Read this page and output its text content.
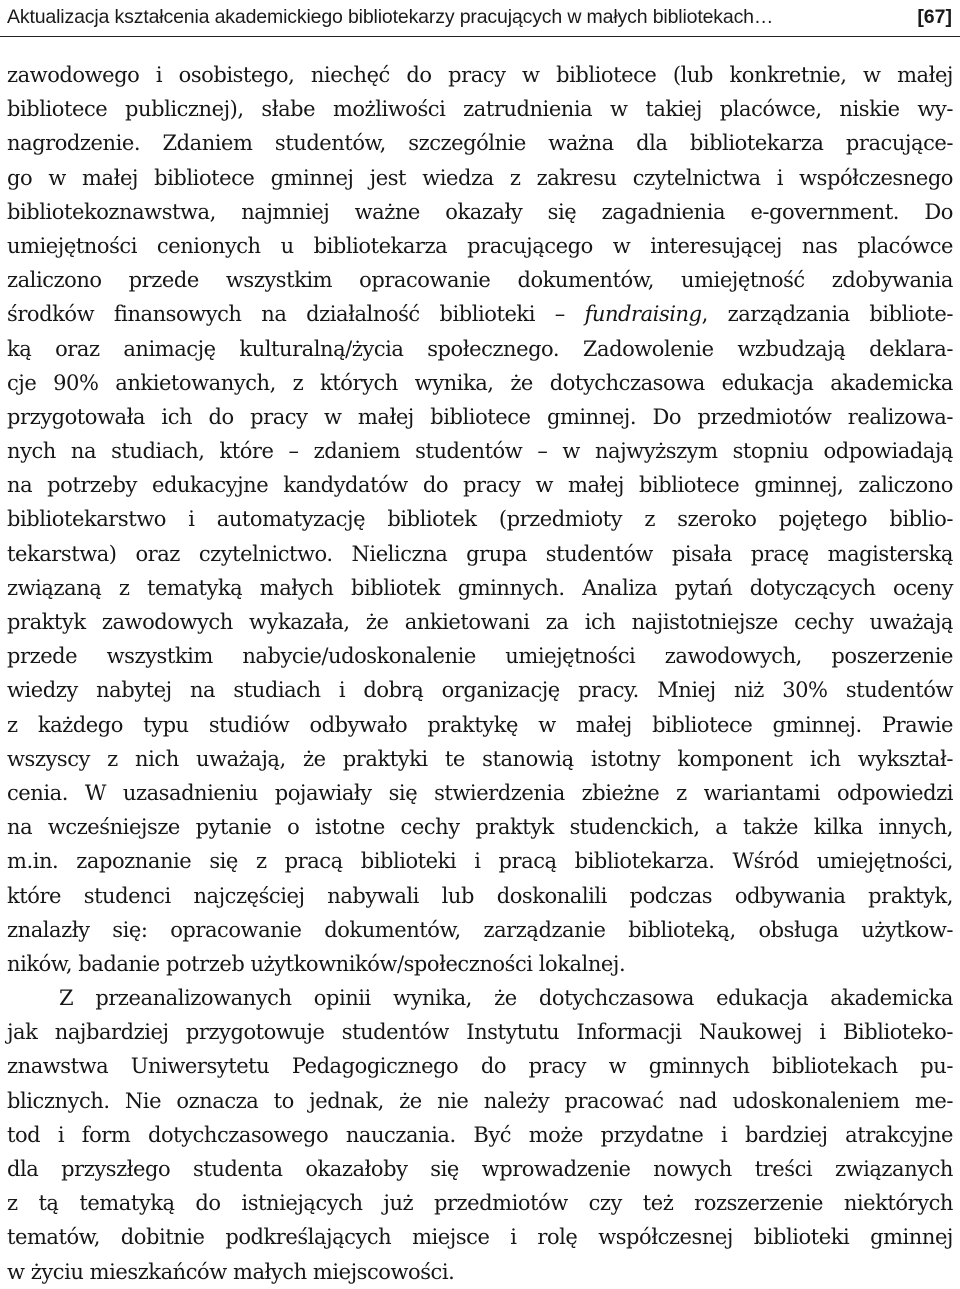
Aktualizacja kształcenia akademickiego bibliotekarzy pracujących w małych bibliotekach…	[67]
zawodowego i osobistego, niechęć do pracy w bibliotece (lub konkretnie, w małej
bibliotece publicznej), słabe możliwości zatrudnienia w takiej placówce, niskie wy-
nagrodzenie. Zdaniem studentów, szczególnie ważna dla bibliotekarza pracujące-
go w małej bibliotece gminnej jest wiedza z zakresu czytelnictwa i współczesnego
bibliotekoznawstwa, najmniej ważne okazały się zagadnienia e-government. Do
umiejętności cenionych u bibliotekarza pracującego w interesującej nas placówce
zaliczono przede wszystkim opracowanie dokumentów, umiejętność zdobywania
środków finansowych na działalność biblioteki – fundraising, zarządzania bibliote-
ką oraz animację kulturalną/życia społecznego. Zadowolenie wzbudzają deklara-
cje 90% ankietowanych, z których wynika, że dotychczasowa edukacja akademicka
przygotowała ich do pracy w małej bibliotece gminnej. Do przedmiotów realizowa-
nych na studiach, które – zdaniem studentów – w najwyższym stopniu odpowiadają
na potrzeby edukacyjne kandydatów do pracy w małej bibliotece gminnej, zaliczono
bibliotekarstwo i automatyzację bibliotek (przedmioty z szeroko pojętego biblio-
tekarstwa) oraz czytelnictwo. Nieliczna grupa studentów pisała pracę magisterską
związaną z tematyką małych bibliotek gminnych. Analiza pytań dotyczących oceny
praktyk zawodowych wykazała, że ankietowani za ich najistotniejsze cechy uważają
przede wszystkim nabycie/udoskonalenie umiejętności zawodowych, poszerzenie
wiedzy nabytej na studiach i dobrą organizację pracy. Mniej niż 30% studentów
z każdego typu studiów odbywało praktykę w małej bibliotece gminnej. Prawie
wszyscy z nich uważają, że praktyki te stanowią istotny komponent ich wykształ-
cenia. W uzasadnieniu pojawiały się stwierdzenia zbieżne z wariantami odpowiedzi
na wcześniejsze pytanie o istotne cechy praktyk studenckich, a także kilka innych,
m.in. zapoznanie się z pracą biblioteki i pracą bibliotekarza. Wśród umiejętności,
które studenci najczęściej nabywali lub doskonalili podczas odbywania praktyk,
znalazły się: opracowanie dokumentów, zarządzanie biblioteką, obsługa użytkow-
ników, badanie potrzeb użytkowników/społeczności lokalnej.
Z przeanalizowanych opinii wynika, że dotychczasowa edukacja akademicka
jak najbardziej przygotowuje studentów Instytutu Informacji Naukowej i Biblioteko-
znawstwa Uniwersytetu Pedagogicznego do pracy w gminnych bibliotekach pu-
blicznych. Nie oznacza to jednak, że nie należy pracować nad udoskonaleniem me-
tod i form dotychczasowego nauczania. Być może przydatne i bardziej atrakcyjne
dla przyszłego studenta okazałoby się wprowadzenie nowych treści związanych
z tą tematyką do istniejących już przedmiotów czy też rozszerzenie niektórych
tematów, dobitnie podkreślających miejsce i rolę współczesnej biblioteki gminnej
w życiu mieszkańców małych miejscowości.
